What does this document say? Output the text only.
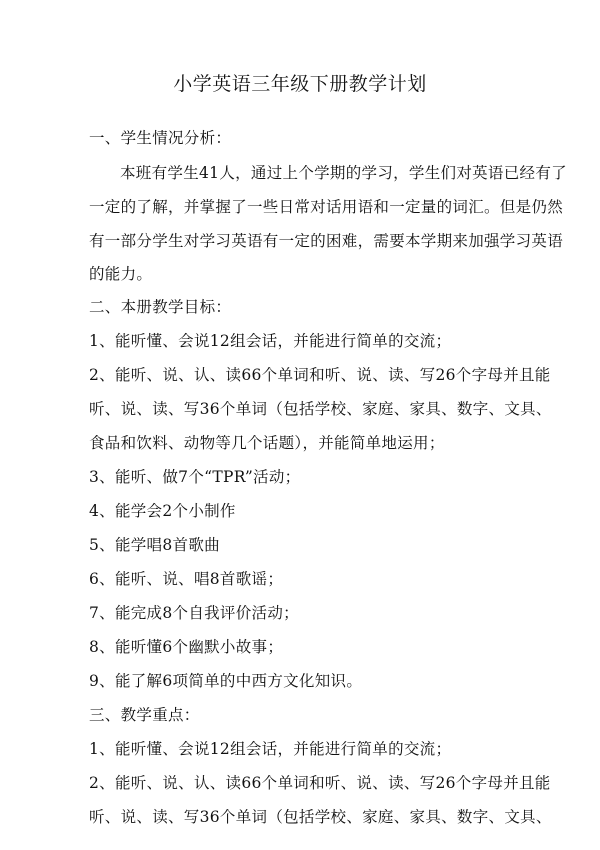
小学英语三年级下册教学计划
一、学生情况分析：
本班有学生41人，通过上个学期的学习，学生们对英语已经有了
一定的了解，并掌握了一些日常对话用语和一定量的词汇。但是仍然
有一部分学生对学习英语有一定的困难，需要本学期来加强学习英语
的能力。
二、本册教学目标：
1、能听懂、会说12组会话，并能进行简单的交流；
2、能听、说、认、读66个单词和听、说、读、写26个字母并且能
听、说、读、写36个单词（包括学校、家庭、家具、数字、文具、
食品和饮料、动物等几个话题），并能简单地运用；
3、能听、做7个“TPR”活动；
4、能学会2个小制作
5、能学唱8首歌曲
6、能听、说、唱8首歌谣；
7、能完成8个自我评价活动；
8、能听懂6个幽默小故事；
9、能了解6项简单的中西方文化知识。
三、教学重点：
1、能听懂、会说12组会话，并能进行简单的交流；
2、能听、说、认、读66个单词和听、说、读、写26个字母并且能
听、说、读、写36个单词（包括学校、家庭、家具、数字、文具、
